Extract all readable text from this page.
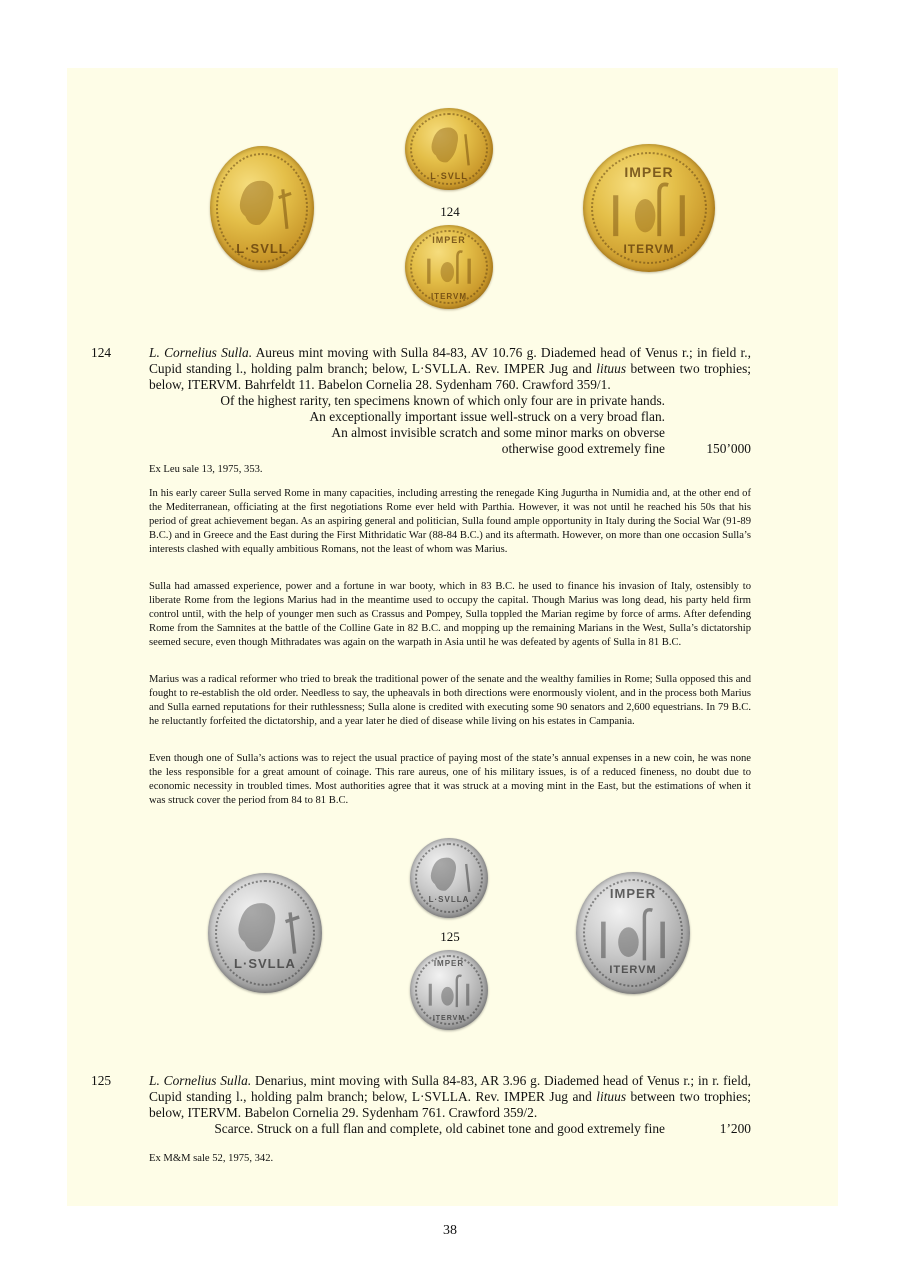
L·SVLL
L·SVLL
124
IMPER
ITERVM
IMPER
ITERVM
124	L. Cornelius Sulla. Aureus mint moving with Sulla 84-83, AV 10.76 g. Diademed head of Venus r.; in field r., Cupid standing l., holding palm branch; below, L·SVLLA. Rev. IMPER Jug and lituus between two trophies; below, ITERVM. Bahrfeldt 11. Babelon Cornelia 28. Sydenham 760. Crawford 359/1.
Of the highest rarity, ten specimens known of which only four are in private hands.
An exceptionally important issue well-struck on a very broad flan.
An almost invisible scratch and some minor marks on obverse
otherwise good extremely fine	150’000
Ex Leu sale 13, 1975, 353.
In his early career Sulla served Rome in many capacities, including arresting the renegade King Jugurtha in Numidia and, at the other end of the Mediterranean, officiating at the first negotiations Rome ever held with Parthia. However, it was not until he reached his 50s that his period of great achievement began. As an aspiring general and politician, Sulla found ample opportunity in Italy during the Social War (91-89 B.C.) and in Greece and the East during the First Mithridatic War (88-84 B.C.) and its aftermath. However, on more than one occasion Sulla’s interests clashed with equally ambitious Romans, not the least of whom was Marius.
Sulla had amassed experience, power and a fortune in war booty, which in 83 B.C. he used to finance his invasion of Italy, ostensibly to liberate Rome from the legions Marius had in the meantime used to occupy the capital. Though Marius was long dead, his party held firm control until, with the help of younger men such as Crassus and Pompey, Sulla toppled the Marian regime by force of arms. After defending Rome from the Samnites at the battle of the Colline Gate in 82 B.C. and mopping up the remaining Marians in the West, Sulla’s dictatorship seemed secure, even though Mithradates was again on the warpath in Asia until he was defeated by agents of Sulla in 81 B.C.
Marius was a radical reformer who tried to break the traditional power of the senate and the wealthy families in Rome; Sulla opposed this and fought to re-establish the old order. Needless to say, the upheavals in both directions were enormously violent, and in the process both Marius and Sulla earned reputations for their ruthlessness; Sulla alone is credited with executing some 90 senators and 2,600 equestrians. In 79 B.C. he reluctantly forfeited the dictatorship, and a year later he died of disease while living on his estates in Campania.
Even though one of Sulla’s actions was to reject the usual practice of paying most of the state’s annual expenses in a new coin, he was none the less responsible for a great amount of coinage. This rare aureus, one of his military issues, is of a reduced fineness, no doubt due to economic necessity in troubled times. Most authorities agree that it was struck at a moving mint in the East, but the estimations of when it was struck cover the period from 84 to 81 B.C.
L·SVLLA
L·SVLLA
125
IMPER
ITERVM
IMPER
ITERVM
125	L. Cornelius Sulla. Denarius, mint moving with Sulla 84-83, AR 3.96 g. Diademed head of Venus r.; in r. field, Cupid standing l., holding palm branch; below, L·SVLLA. Rev. IMPER Jug and lituus between two trophies; below, ITERVM. Babelon Cornelia 29. Sydenham 761. Crawford 359/2.
Scarce. Struck on a full flan and complete, old cabinet tone and good extremely fine	1’200
Ex M&M sale 52, 1975, 342.
38
